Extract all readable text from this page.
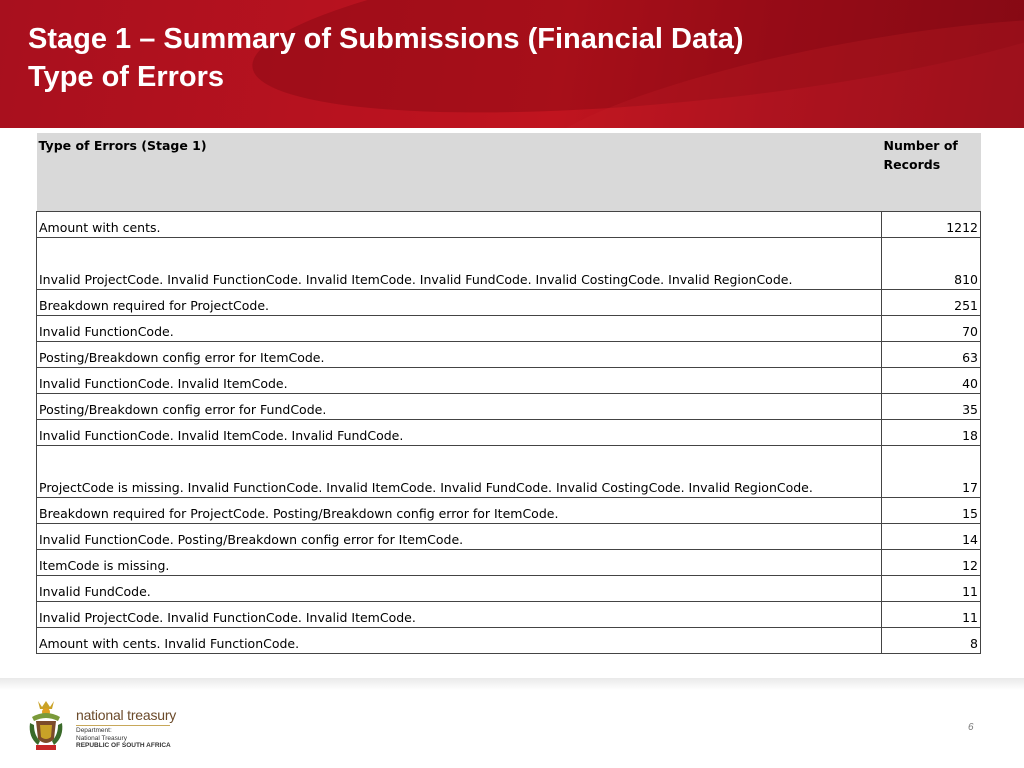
Stage 1 – Summary of Submissions (Financial Data)
Type of Errors
Type of Errors (Stage 1)	Number of
Records

Amount with cents.	1212
Invalid ProjectCode. Invalid FunctionCode. Invalid ItemCode. Invalid FundCode. Invalid CostingCode. Invalid RegionCode.	810
Breakdown required for ProjectCode.	251
Invalid FunctionCode.	70
Posting/Breakdown config error for ItemCode.	63
Invalid FunctionCode. Invalid ItemCode.	40
Posting/Breakdown config error for FundCode.	35
Invalid FunctionCode. Invalid ItemCode. Invalid FundCode.	18
ProjectCode is missing. Invalid FunctionCode. Invalid ItemCode. Invalid FundCode. Invalid CostingCode. Invalid RegionCode.	17
Breakdown required for ProjectCode. Posting/Breakdown config error for ItemCode.	15
Invalid FunctionCode. Posting/Breakdown config error for ItemCode.	14
ItemCode is missing.	12
Invalid FundCode.	11
Invalid ProjectCode. Invalid FunctionCode. Invalid ItemCode.	11
Amount with cents. Invalid FunctionCode.	8
national treasury
Department:
National Treasury
REPUBLIC OF SOUTH AFRICA
6
